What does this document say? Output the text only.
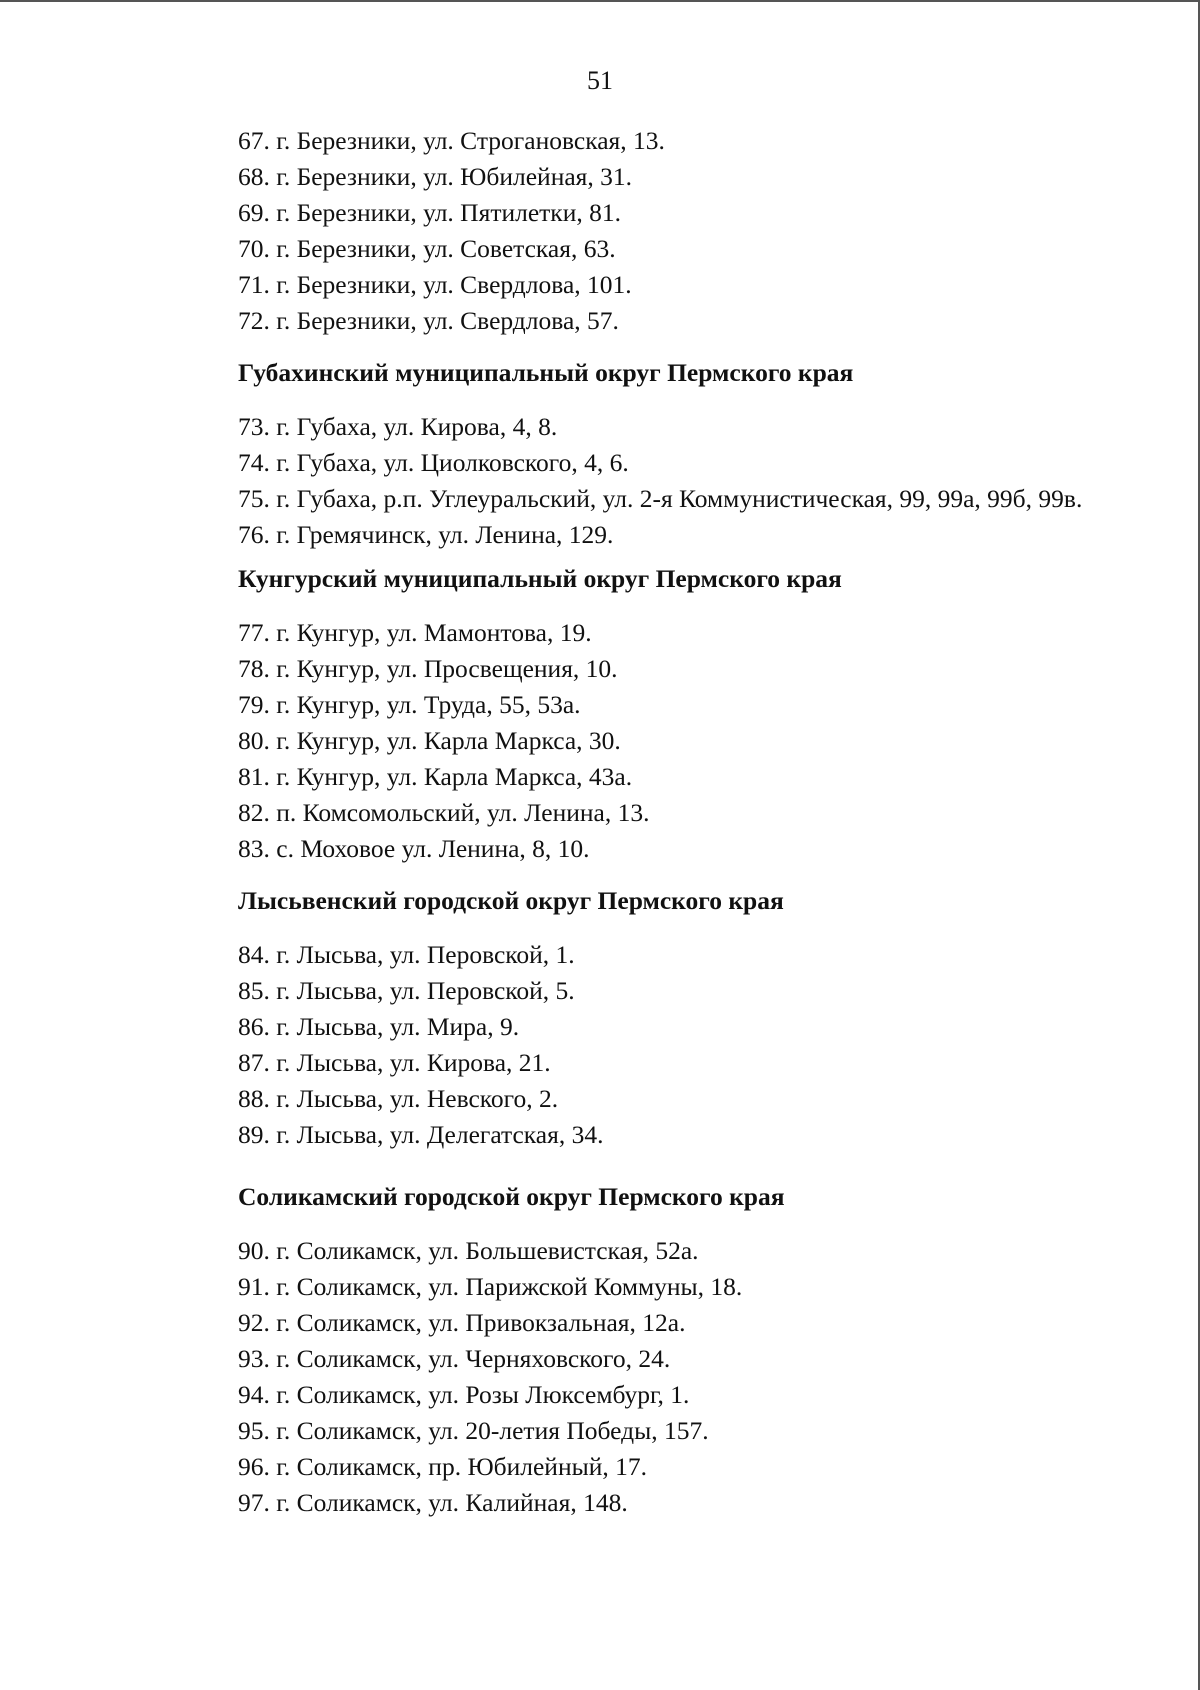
51
67. г. Березники, ул. Строгановская, 13.
68. г. Березники, ул. Юбилейная, 31.
69. г. Березники, ул. Пятилетки, 81.
70. г. Березники, ул. Советская, 63.
71. г. Березники, ул. Свердлова, 101.
72. г. Березники, ул. Свердлова, 57.
Губахинский муниципальный округ Пермского края
73. г. Губаха, ул. Кирова, 4, 8.
74. г. Губаха, ул. Циолковского, 4, 6.
75. г. Губаха, р.п. Углеуральский, ул. 2-я Коммунистическая, 99, 99а, 99б, 99в.
76. г. Гремячинск, ул. Ленина, 129.
Кунгурский муниципальный округ Пермского края
77. г. Кунгур, ул. Мамонтова, 19.
78. г. Кунгур, ул. Просвещения, 10.
79. г. Кунгур, ул. Труда, 55, 53а.
80. г. Кунгур, ул. Карла Маркса, 30.
81. г. Кунгур, ул. Карла Маркса, 43а.
82. п. Комсомольский, ул. Ленина, 13.
83. с. Моховое ул. Ленина, 8, 10.
Лысьвенский городской округ Пермского края
84. г. Лысьва, ул. Перовской, 1.
85. г. Лысьва, ул. Перовской, 5.
86. г. Лысьва, ул. Мира, 9.
87. г. Лысьва, ул. Кирова, 21.
88. г. Лысьва, ул. Невского, 2.
89. г. Лысьва, ул. Делегатская, 34.
Соликамский городской округ Пермского края
90. г. Соликамск, ул. Большевистская, 52а.
91. г. Соликамск, ул. Парижской Коммуны, 18.
92. г. Соликамск, ул. Привокзальная, 12а.
93. г. Соликамск, ул. Черняховского, 24.
94. г. Соликамск, ул. Розы Люксембург, 1.
95. г. Соликамск, ул. 20-летия Победы, 157.
96. г. Соликамск, пр. Юбилейный, 17.
97. г. Соликамск, ул. Калийная, 148.
